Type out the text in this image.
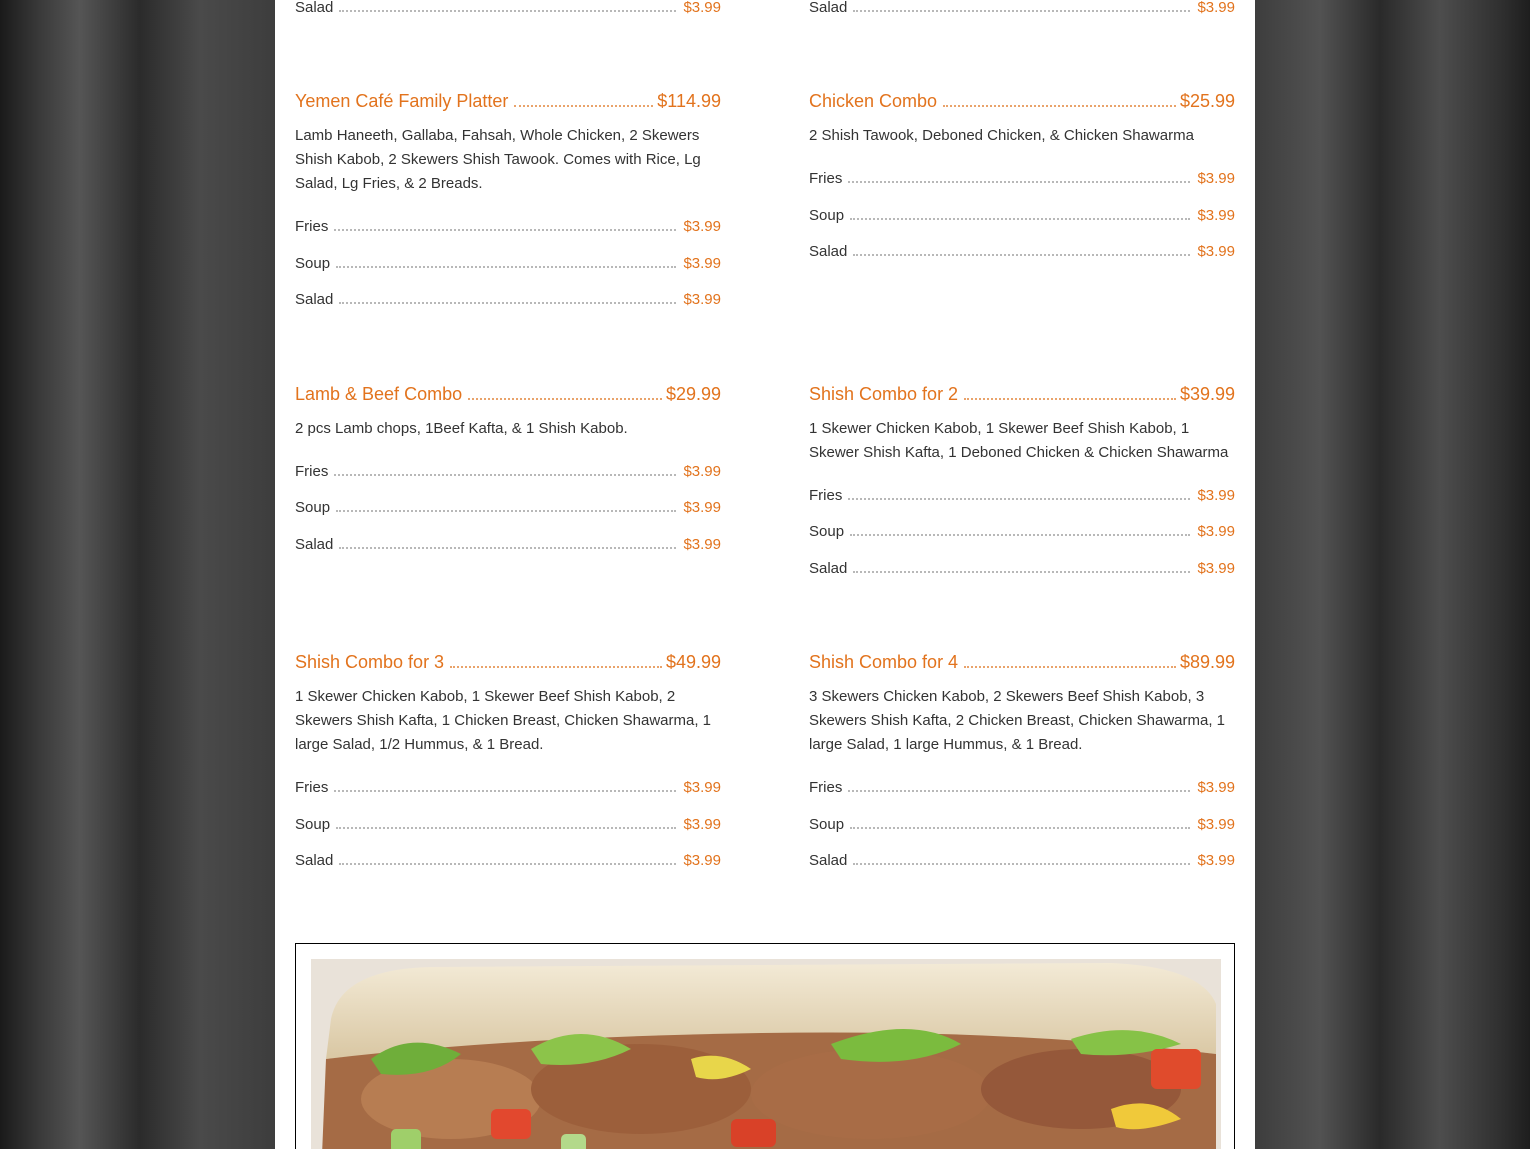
Salad	$3.99	Salad	$3.99
Yemen Café Family Platter	$114.99

Lamb Haneeth, Gallaba, Fahsah, Whole Chicken, 2 Skewers Shish Kabob, 2 Skewers Shish Tawook. Comes with Rice, Lg Salad, Lg Fries, & 2 Breads.

Fries	$3.99
Soup	$3.99
Salad	$3.99
Chicken Combo	$25.99

2 Shish Tawook, Deboned Chicken, & Chicken Shawarma

Fries	$3.99
Soup	$3.99
Salad	$3.99
Lamb & Beef Combo	$29.99

2 pcs Lamb chops, 1Beef Kafta, & 1 Shish Kabob.

Fries	$3.99
Soup	$3.99
Salad	$3.99
Shish Combo for 2	$39.99

1 Skewer Chicken Kabob, 1 Skewer Beef Shish Kabob, 1 Skewer Shish Kafta, 1 Deboned Chicken & Chicken Shawarma

Fries	$3.99
Soup	$3.99
Salad	$3.99
Shish Combo for 3	$49.99

1 Skewer Chicken Kabob, 1 Skewer Beef Shish Kabob, 2 Skewers Shish Kafta, 1 Chicken Breast, Chicken Shawarma, 1 large Salad, 1/2 Hummus, & 1 Bread.

Fries	$3.99
Soup	$3.99
Salad	$3.99
Shish Combo for 4	$89.99

3 Skewers Chicken Kabob, 2 Skewers Beef Shish Kabob, 3 Skewers Shish Kafta, 2 Chicken Breast, Chicken Shawarma, 1 large Salad, 1 large Hummus, & 1 Bread.

Fries	$3.99
Soup	$3.99
Salad	$3.99
